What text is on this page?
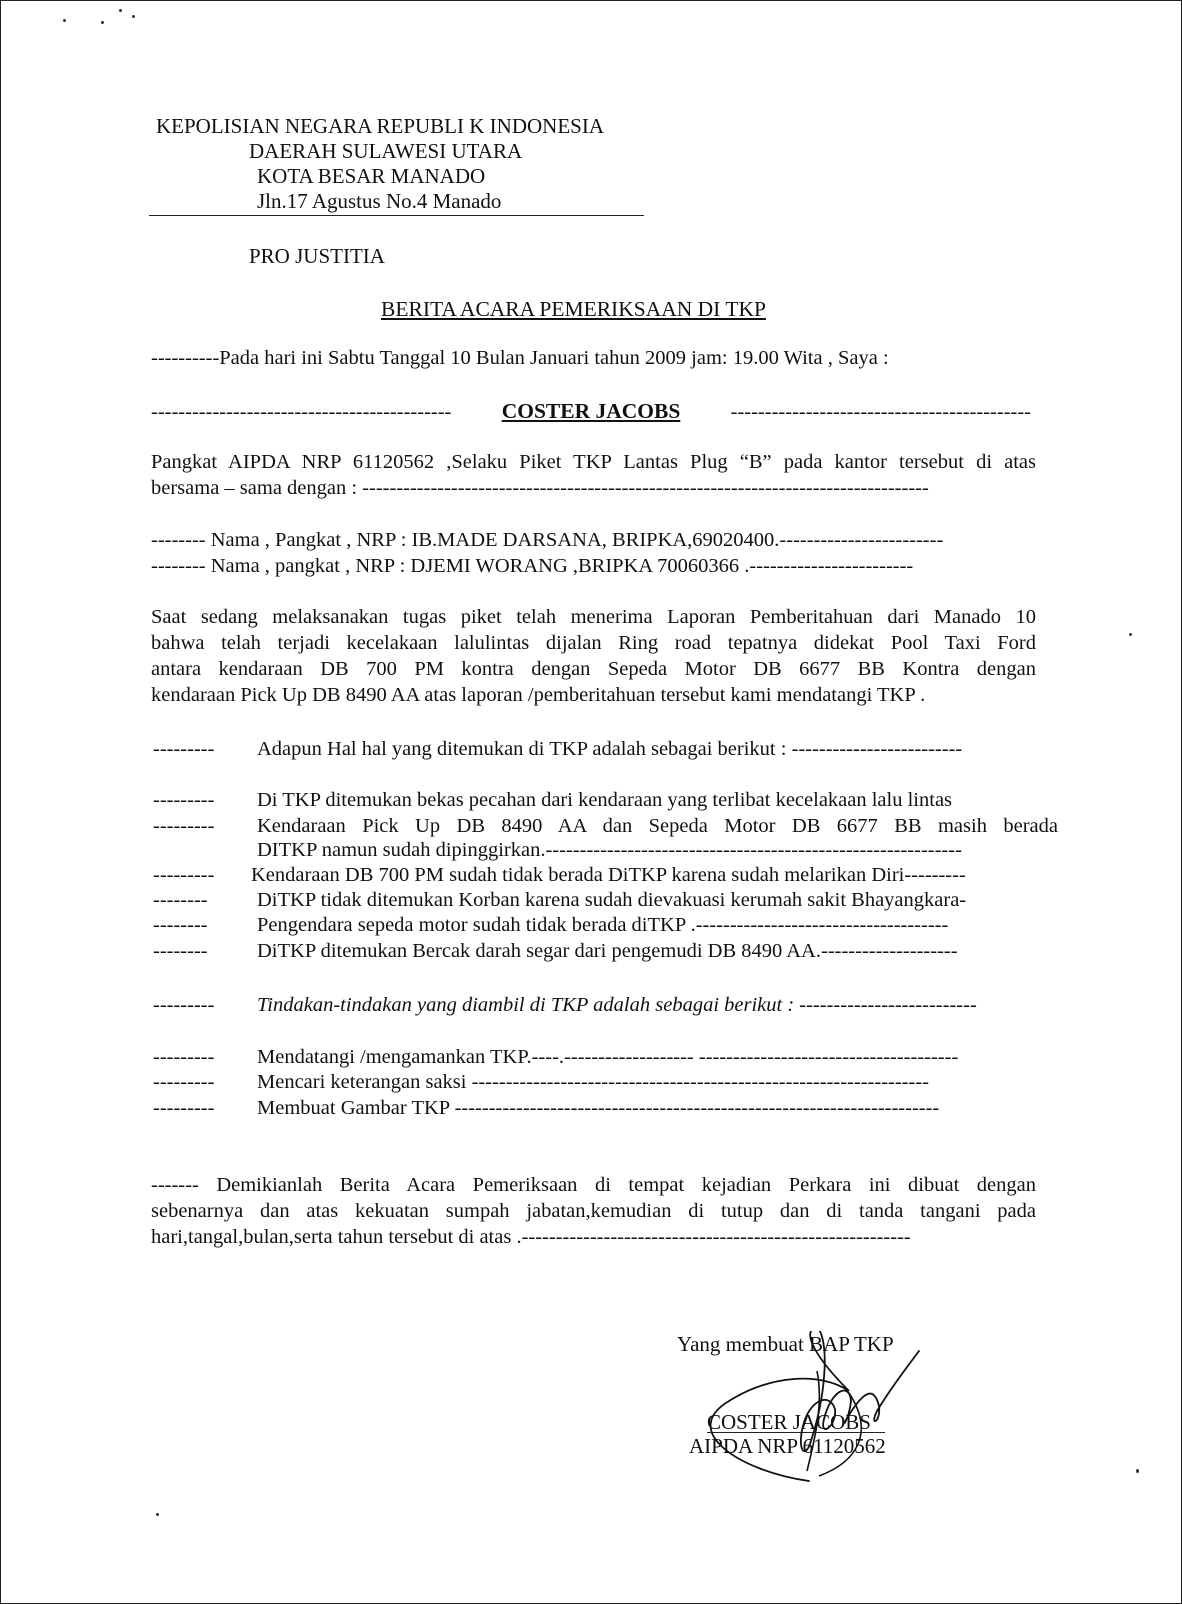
KEPOLISIAN NEGARA REPUBLI K INDONESIA
DAERAH SULAWESI UTARA
KOTA BESAR MANADO
Jln.17 Agustus No.4 Manado
PRO JUSTITIA
BERITA ACARA PEMERIKSAAN DI TKP
----------Pada hari ini Sabtu Tanggal 10 Bulan Januari tahun 2009 jam: 19.00 Wita , Saya :
-------------------------------------------- COSTER JACOBS --------------------------------------------
Pangkat AIPDA NRP 61120562 ,Selaku Piket TKP Lantas Plug “B” pada kantor tersebut di atas
bersama – sama dengan : -----------------------------------------------------------------------------------
-------- Nama , Pangkat , NRP : IB.MADE DARSANA, BRIPKA,69020400.------------------------
-------- Nama , pangkat , NRP : DJEMI WORANG ,BRIPKA 70060366 .------------------------
Saat sedang melaksanakan tugas piket telah menerima Laporan Pemberitahuan dari Manado 10
bahwa telah terjadi kecelakaan lalulintas dijalan Ring road tepatnya didekat Pool Taxi Ford
antara kendaraan DB 700 PM kontra dengan Sepeda Motor DB 6677 BB Kontra dengan
kendaraan Pick Up DB 8490 AA atas laporan /pemberitahuan tersebut kami mendatangi TKP .
---------	Adapun Hal hal yang ditemukan di TKP adalah sebagai berikut : -------------------------
---------	Di TKP ditemukan bekas pecahan dari kendaraan yang terlibat kecelakaan lalu lintas
---------	Kendaraan Pick Up DB 8490 AA dan Sepeda Motor DB 6677 BB masih berada
DITKP namun sudah dipinggirkan.-------------------------------------------------------------
---------	Kendaraan DB 700 PM sudah tidak berada DiTKP karena sudah melarikan Diri---------
--------	DiTKP tidak ditemukan Korban karena sudah dievakuasi kerumah sakit Bhayangkara-
--------	Pengendara sepeda motor sudah tidak berada diTKP .-------------------------------------
--------	DiTKP ditemukan Bercak darah segar dari pengemudi DB 8490 AA.--------------------
---------	Tindakan-tindakan yang diambil di TKP adalah sebagai berikut : --------------------------
---------	Mendatangi /mengamankan TKP.----.------------------- --------------------------------------
---------	Mencari keterangan saksi -------------------------------------------------------------------
---------	Membuat Gambar TKP -----------------------------------------------------------------------
------- Demikianlah Berita Acara Pemeriksaan di tempat kejadian Perkara ini dibuat dengan
sebenarnya dan atas kekuatan sumpah jabatan,kemudian di tutup dan di tanda tangani pada
hari,tangal,bulan,serta tahun tersebut di atas .---------------------------------------------------------
Yang membuat BAP TKP
COSTER JACOBS
AIPDA NRP 61120562
